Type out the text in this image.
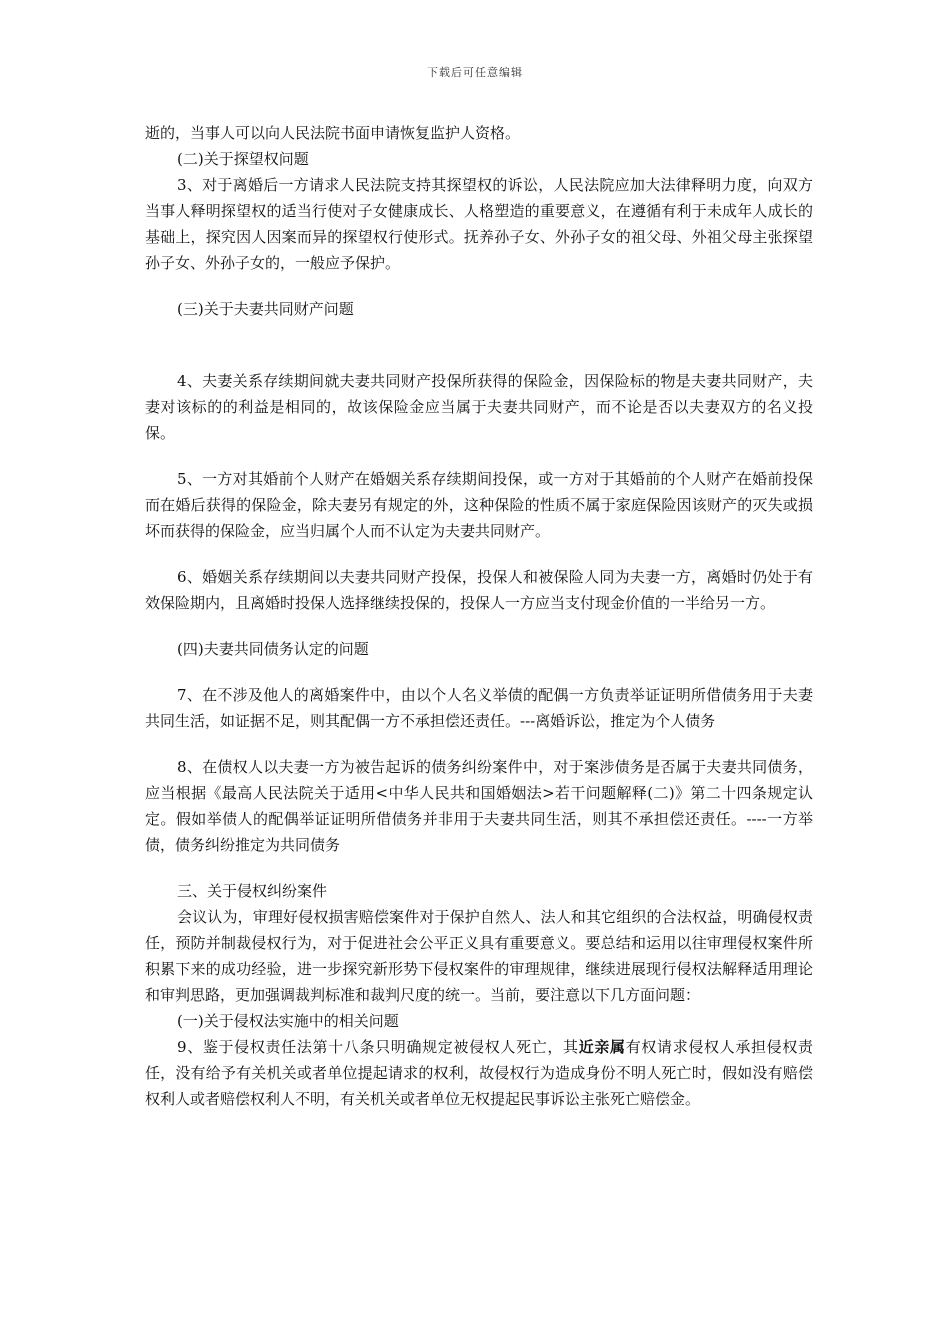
下载后可任意编辑

逝的，当事人可以向人民法院书面申请恢复监护人资格。

(二)关于探望权问题

3、对于离婚后一方请求人民法院支持其探望权的诉讼，人民法院应加大法律释明力度，向双方当事人释明探望权的适当行使对子女健康成长、人格塑造的重要意义，在遵循有利于未成年人成长的基础上，探究因人因案而异的探望权行使形式。抚养孙子女、外孙子女的祖父母、外祖父母主张探望孙子女、外孙子女的，一般应予保护。

(三)关于夫妻共同财产问题

4、夫妻关系存续期间就夫妻共同财产投保所获得的保险金，因保险标的物是夫妻共同财产，夫妻对该标的的利益是相同的，故该保险金应当属于夫妻共同财产，而不论是否以夫妻双方的名义投保。

5、一方对其婚前个人财产在婚姻关系存续期间投保，或一方对于其婚前的个人财产在婚前投保而在婚后获得的保险金，除夫妻另有规定的外，这种保险的性质不属于家庭保险因该财产的灭失或损坏而获得的保险金，应当归属个人而不认定为夫妻共同财产。

6、婚姻关系存续期间以夫妻共同财产投保，投保人和被保险人同为夫妻一方，离婚时仍处于有效保险期内，且离婚时投保人选择继续投保的，投保人一方应当支付现金价值的一半给另一方。

(四)夫妻共同债务认定的问题

7、在不涉及他人的离婚案件中，由以个人名义举债的配偶一方负责举证证明所借债务用于夫妻共同生活，如证据不足，则其配偶一方不承担偿还责任。---离婚诉讼，推定为个人债务

8、在债权人以夫妻一方为被告起诉的债务纠纷案件中，对于案涉债务是否属于夫妻共同债务，应当根据《最高人民法院关于适用<中华人民共和国婚姻法>若干问题解释(二)》第二十四条规定认定。假如举债人的配偶举证证明所借债务并非用于夫妻共同生活，则其不承担偿还责任。----一方举债，债务纠纷推定为共同债务

三、关于侵权纠纷案件

会议认为，审理好侵权损害赔偿案件对于保护自然人、法人和其它组织的合法权益，明确侵权责任，预防并制裁侵权行为，对于促进社会公平正义具有重要意义。要总结和运用以往审理侵权案件所积累下来的成功经验，进一步探究新形势下侵权案件的审理规律，继续进展现行侵权法解释适用理论和审判思路，更加强调裁判标准和裁判尺度的统一。当前，要注意以下几方面问题：

(一)关于侵权法实施中的相关问题

9、鉴于侵权责任法第十八条只明确规定被侵权人死亡，其近亲属有权请求侵权人承担侵权责任，没有给予有关机关或者单位提起请求的权利，故侵权行为造成身份不明人死亡时，假如没有赔偿权利人或者赔偿权利人不明，有关机关或者单位无权提起民事诉讼主张死亡赔偿金。
